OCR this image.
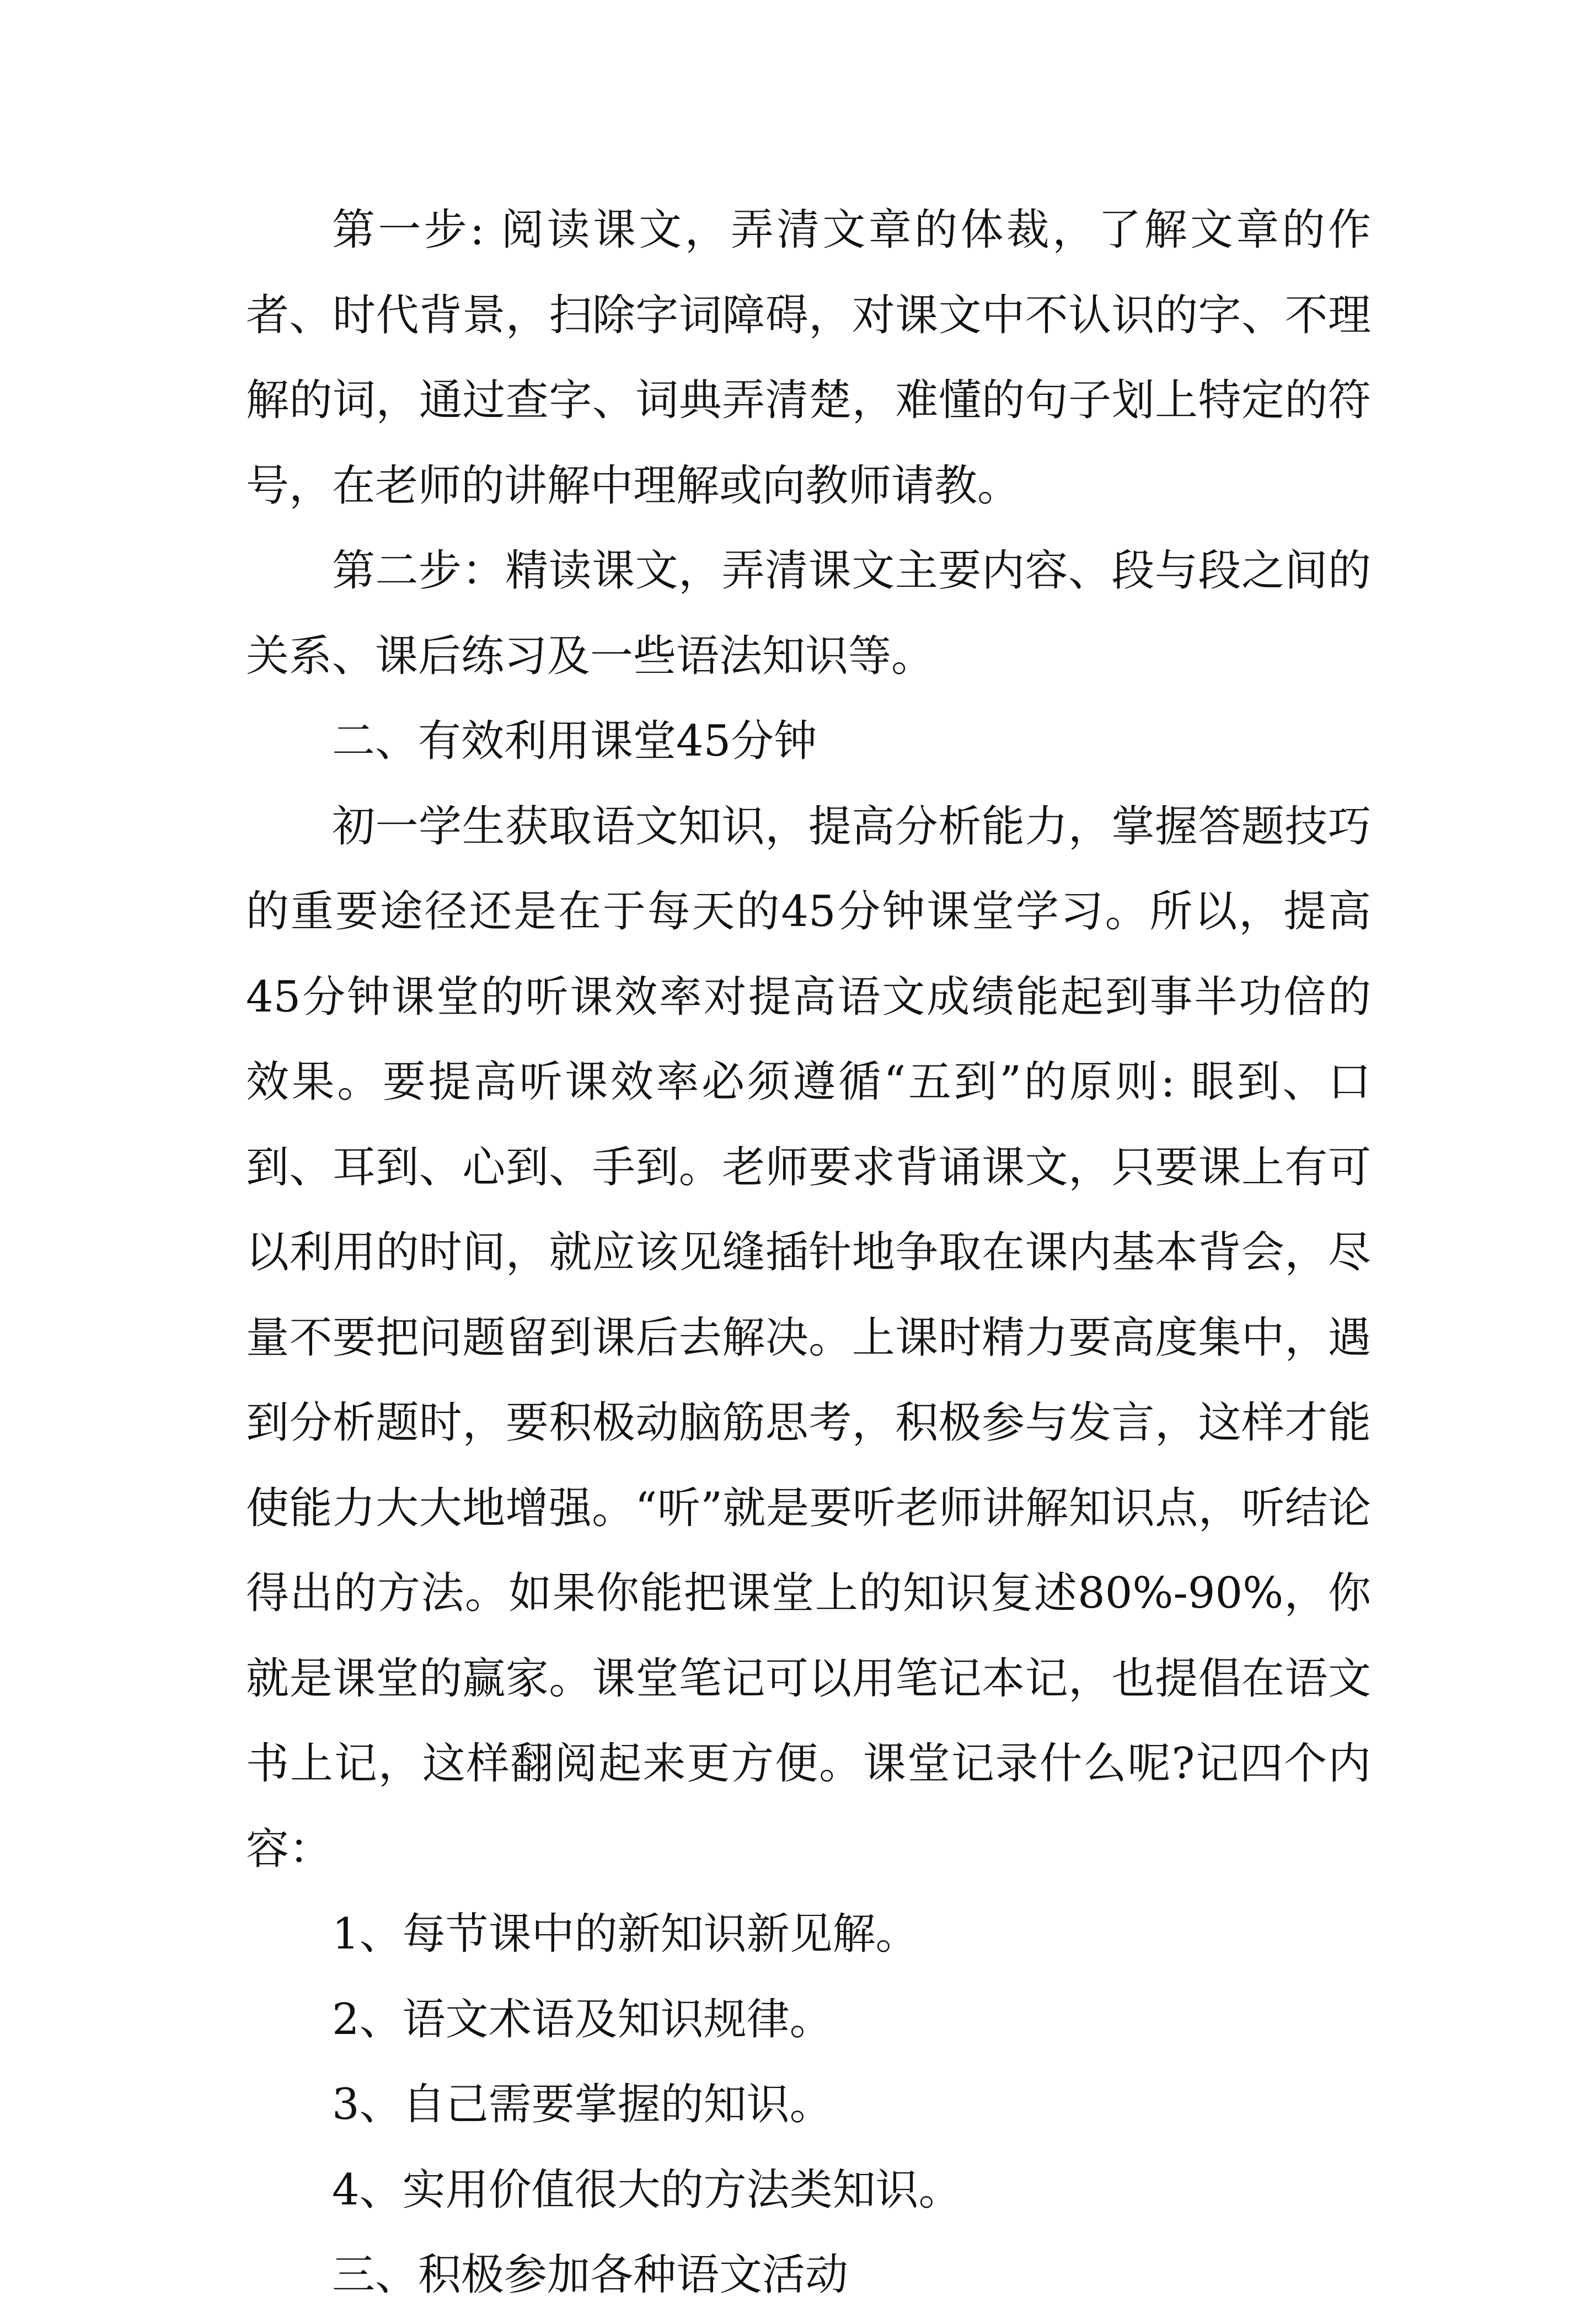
第一步: 阅读课文，弄清文章的体裁，了解文章的作者、时代背景，扫除字词障碍，对课文中不认识的字、不理解的词，通过查字、词典弄清楚，难懂的句子划上特定的符号，在老师的讲解中理解或向教师请教。

第二步：精读课文，弄清课文主要内容、段与段之间的关系、课后练习及一些语法知识等。

二、有效利用课堂45分钟

初一学生获取语文知识，提高分析能力，掌握答题技巧的重要途径还是在于每天的45分钟课堂学习。所以，提高45分钟课堂的听课效率对提高语文成绩能起到事半功倍的效果。要提高听课效率必须遵循“五到”的原则: 眼到、口到、耳到、心到、手到。老师要求背诵课文，只要课上有可以利用的时间，就应该见缝插针地争取在课内基本背会，尽量不要把问题留到课后去解决。上课时精力要高度集中，遇到分析题时，要积极动脑筋思考，积极参与发言，这样才能使能力大大地增强。“听”就是要听老师讲解知识点，听结论得出的方法。如果你能把课堂上的知识复述80%-90%，你就是课堂的赢家。课堂笔记可以用笔记本记，也提倡在语文书上记，这样翻阅起来更方便。课堂记录什么呢?记四个内容：

1、每节课中的新知识新见解。

2、语文术语及知识规律。

3、自己需要掌握的知识。

4、实用价值很大的方法类知识。

三、积极参加各种语文活动
